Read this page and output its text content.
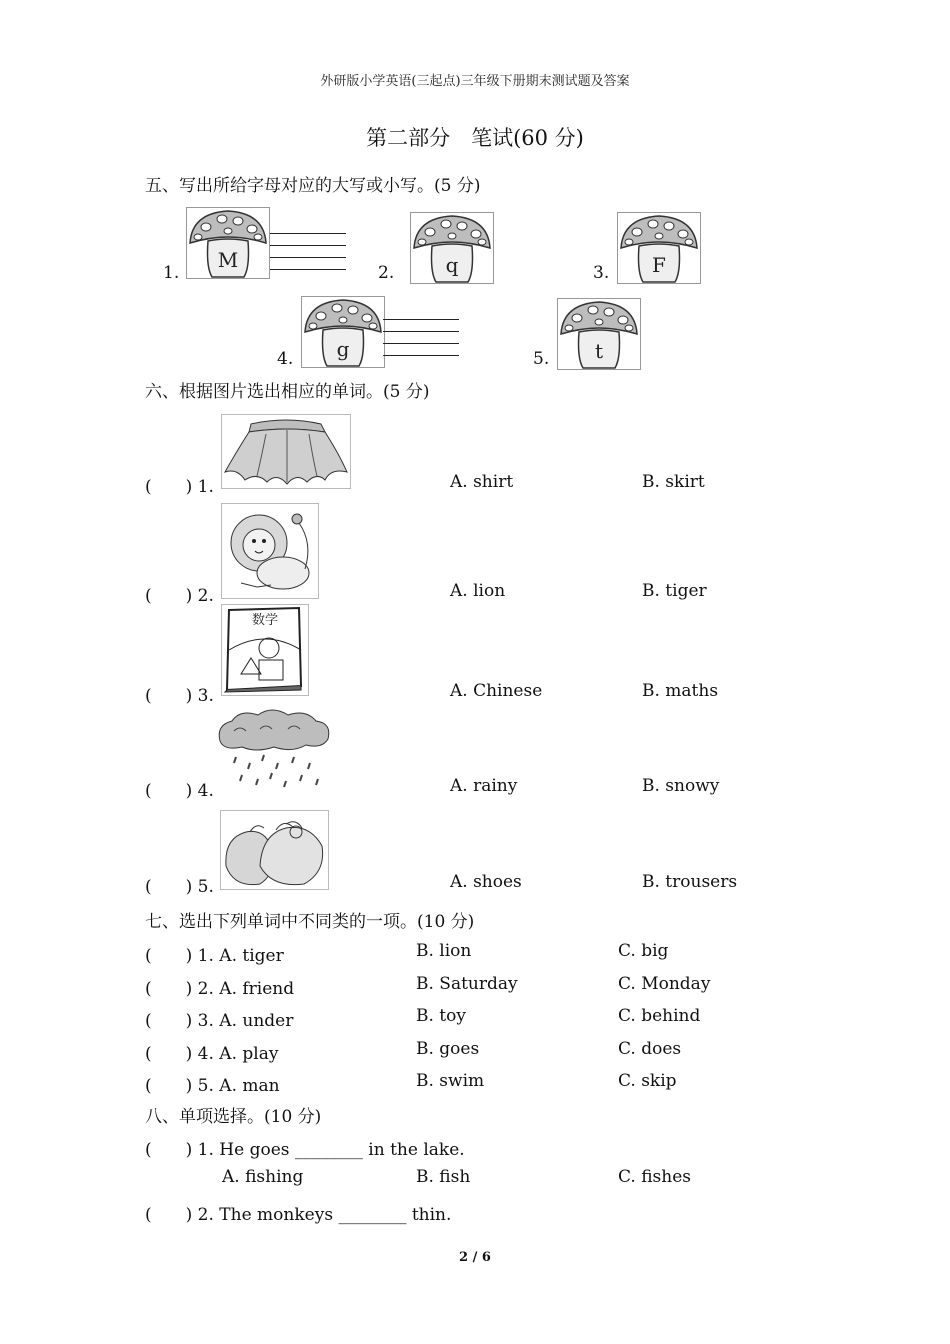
外研版小学英语(三起点)三年级下册期末测试题及答案
第二部分　笔试(60 分)
五、写出所给字母对应的大写或小写。(5 分)
1.
M
2.	q	3. F
4. g	5. t
六、根据图片选出相应的单词。(5 分)
(　　) 1.	A. shirt	B. skirt
(　　) 2.	A. lion	B. tiger
(　　) 3.	A. Chinese	B. maths
数学
(　　) 4.	A. rainy	B. snowy
(　　) 5.	A. shoes	B. trousers
七、选出下列单词中不同类的一项。(10 分)
(　　) 1. A. tiger	B. lion	C. big
(　　) 2. A. friend	B. Saturday	C. Monday
(　　) 3. A. under	B. toy	C. behind
(　　) 4. A. play	B. goes	C. does
(　　) 5. A. man	B. swim	C. skip
八、单项选择。(10 分)
(　　) 1. He goes ________ in the lake.
A. fishing	B. fish	C. fishes
(　　) 2. The monkeys ________ thin.
2 / 6
